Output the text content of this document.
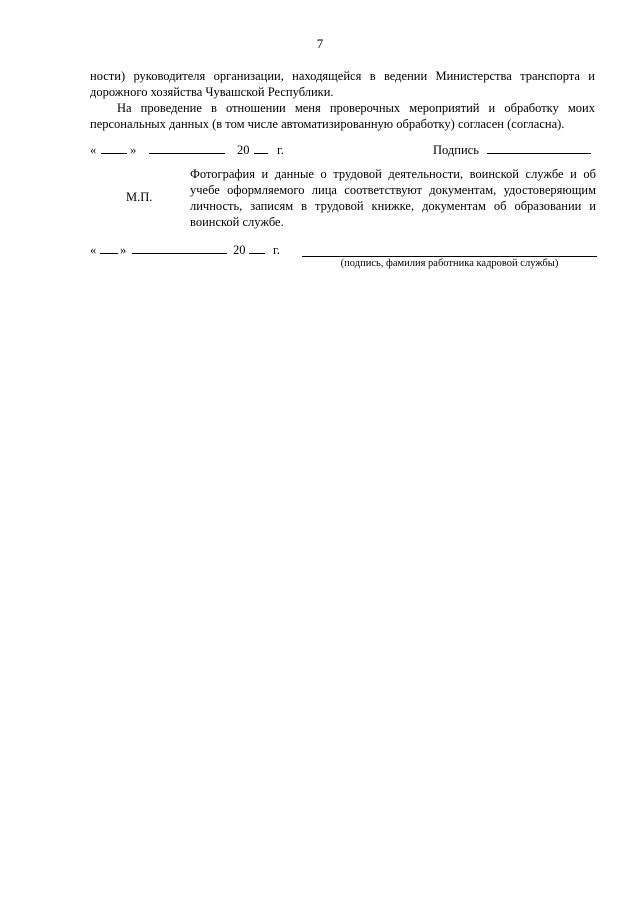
7
ности) руководителя организации, находящейся в ведении Министерства транспорта и дорожного хозяйства Чувашской Республики.
На проведение в отношении меня проверочных мероприятий и обработку моих персональных данных (в том числе автоматизированную обработку) согласен (согласна).
«	»	20 г.	Подпись
М.П.
Фотография и данные о трудовой деятельности, воинской службе и об учебе оформляемого лица соответствуют документам, удостоверяющим личность, записям в трудовой книжке, документам об образовании и воинской службе.
« »	20 г.
(подпись, фамилия работника кадровой службы)
